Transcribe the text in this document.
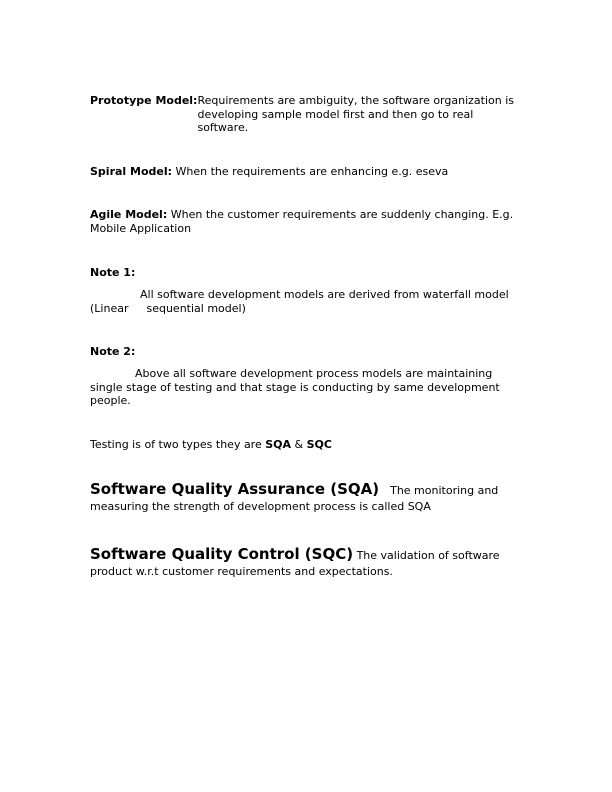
Prototype Model: Requirements are ambiguity, the software organization is developing sample model first and then go to real software.
Spiral Model: When the requirements are enhancing e.g. eseva
Agile Model: When the customer requirements are suddenly changing. E.g. Mobile Application
Note 1:
All software development models are derived from waterfall model (Linear sequential model)
Note 2:
Above all software development process models are maintaining single stage of testing and that stage is conducting by same development people.
Testing is of two types they are SQA & SQC
Software Quality Assurance (SQA) The monitoring and measuring the strength of development process is called SQA
Software Quality Control (SQC) The validation of software product w.r.t customer requirements and expectations.
